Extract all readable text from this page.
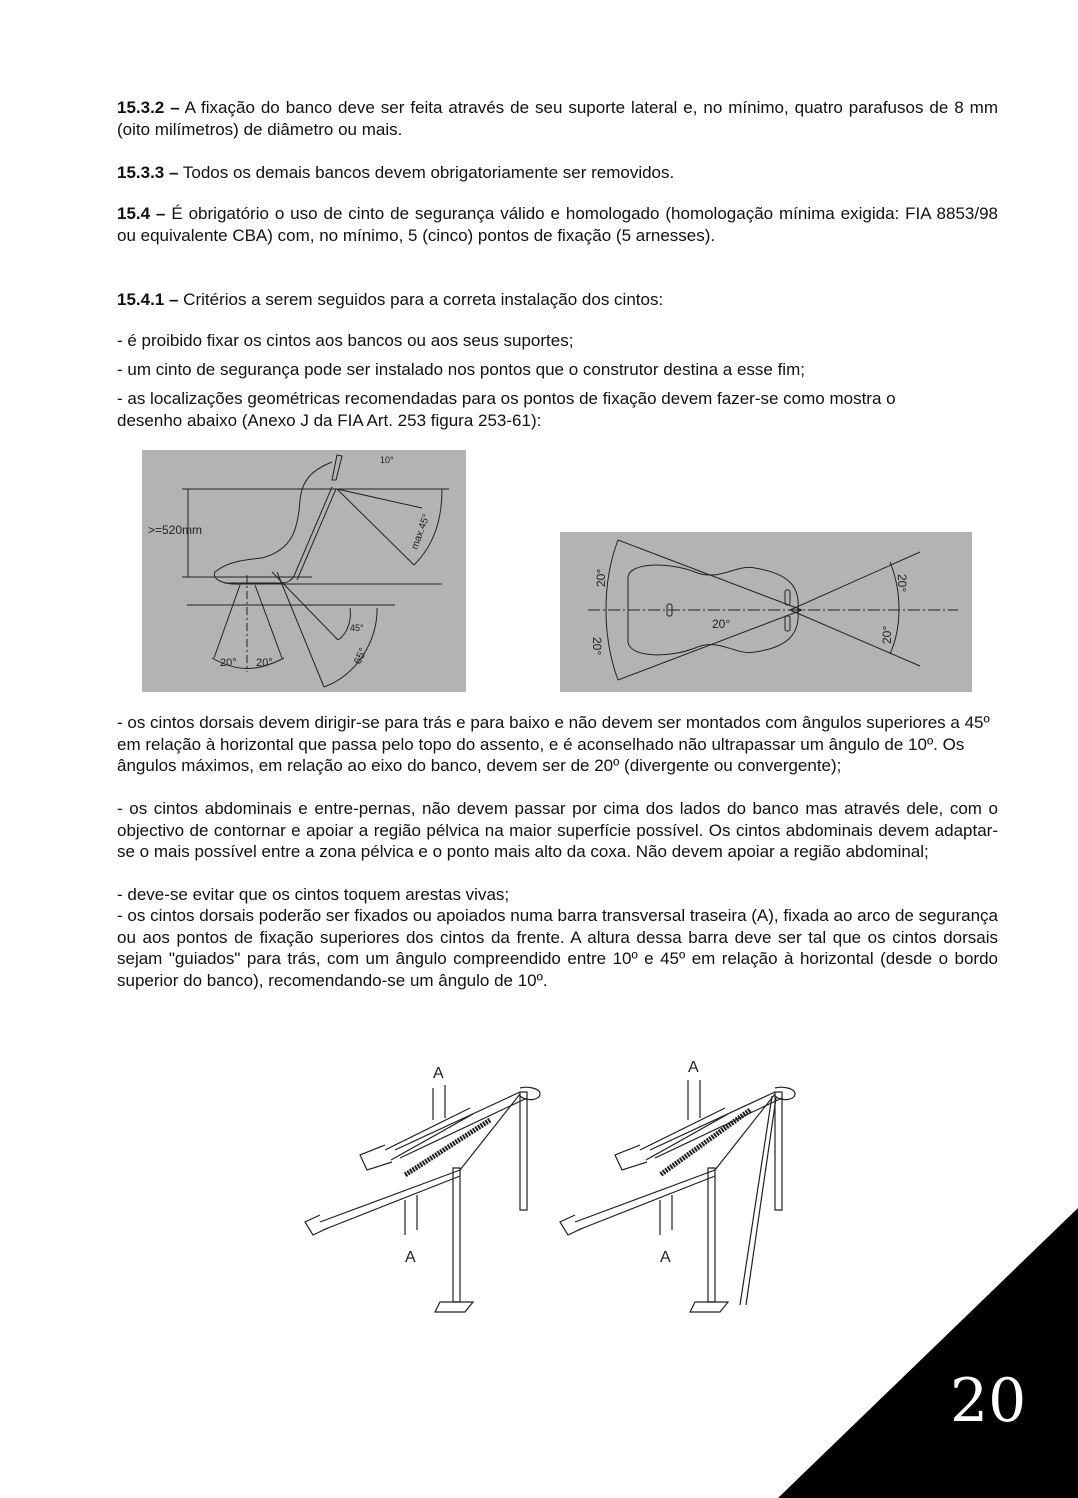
15.3.2 – A fixação do banco deve ser feita através de seu suporte lateral e, no mínimo, quatro parafusos de 8 mm (oito milímetros) de diâmetro ou mais.

15.3.3 – Todos os demais bancos devem obrigatoriamente ser removidos.

15.4 – É obrigatório o uso de cinto de segurança válido e homologado (homologação mínima exigida: FIA 8853/98 ou equivalente CBA) com, no mínimo, 5 (cinco) pontos de fixação (5 arnesses).

15.4.1 – Critérios a serem seguidos para a correta instalação dos cintos:

- é proibido fixar os cintos aos bancos ou aos seus suportes;

- um cinto de segurança pode ser instalado nos pontos que o construtor destina a esse fim;

- as localizações geométricas recomendadas para os pontos de fixação devem fazer-se como mostra o desenho abaixo (Anexo J da FIA Art. 253 figura 253-61):

>=520mm
10°
max.45°
45°
65°
20° 20°
20°
20°
20°
20°
20°

- os cintos dorsais devem dirigir-se para trás e para baixo e não devem ser montados com ângulos superiores a 45º em relação à horizontal que passa pelo topo do assento, e é aconselhado não ultrapassar um ângulo de 10º. Os ângulos máximos, em relação ao eixo do banco, devem ser de 20º (divergente ou convergente);

- os cintos abdominais e entre-pernas, não devem passar por cima dos lados do banco mas através dele, com o objectivo de contornar e apoiar a região pélvica na maior superfície possível. Os cintos abdominais devem adaptar-se o mais possível entre a zona pélvica e o ponto mais alto da coxa. Não devem apoiar a região abdominal;

- deve-se evitar que os cintos toquem arestas vivas;

- os cintos dorsais poderão ser fixados ou apoiados numa barra transversal traseira (A), fixada ao arco de segurança ou aos pontos de fixação superiores dos cintos da frente. A altura dessa barra deve ser tal que os cintos dorsais sejam "guiados" para trás, com um ângulo compreendido entre 10º e 45º em relação à horizontal (desde o bordo superior do banco), recomendando-se um ângulo de 10º.

A
A
A
A
20
